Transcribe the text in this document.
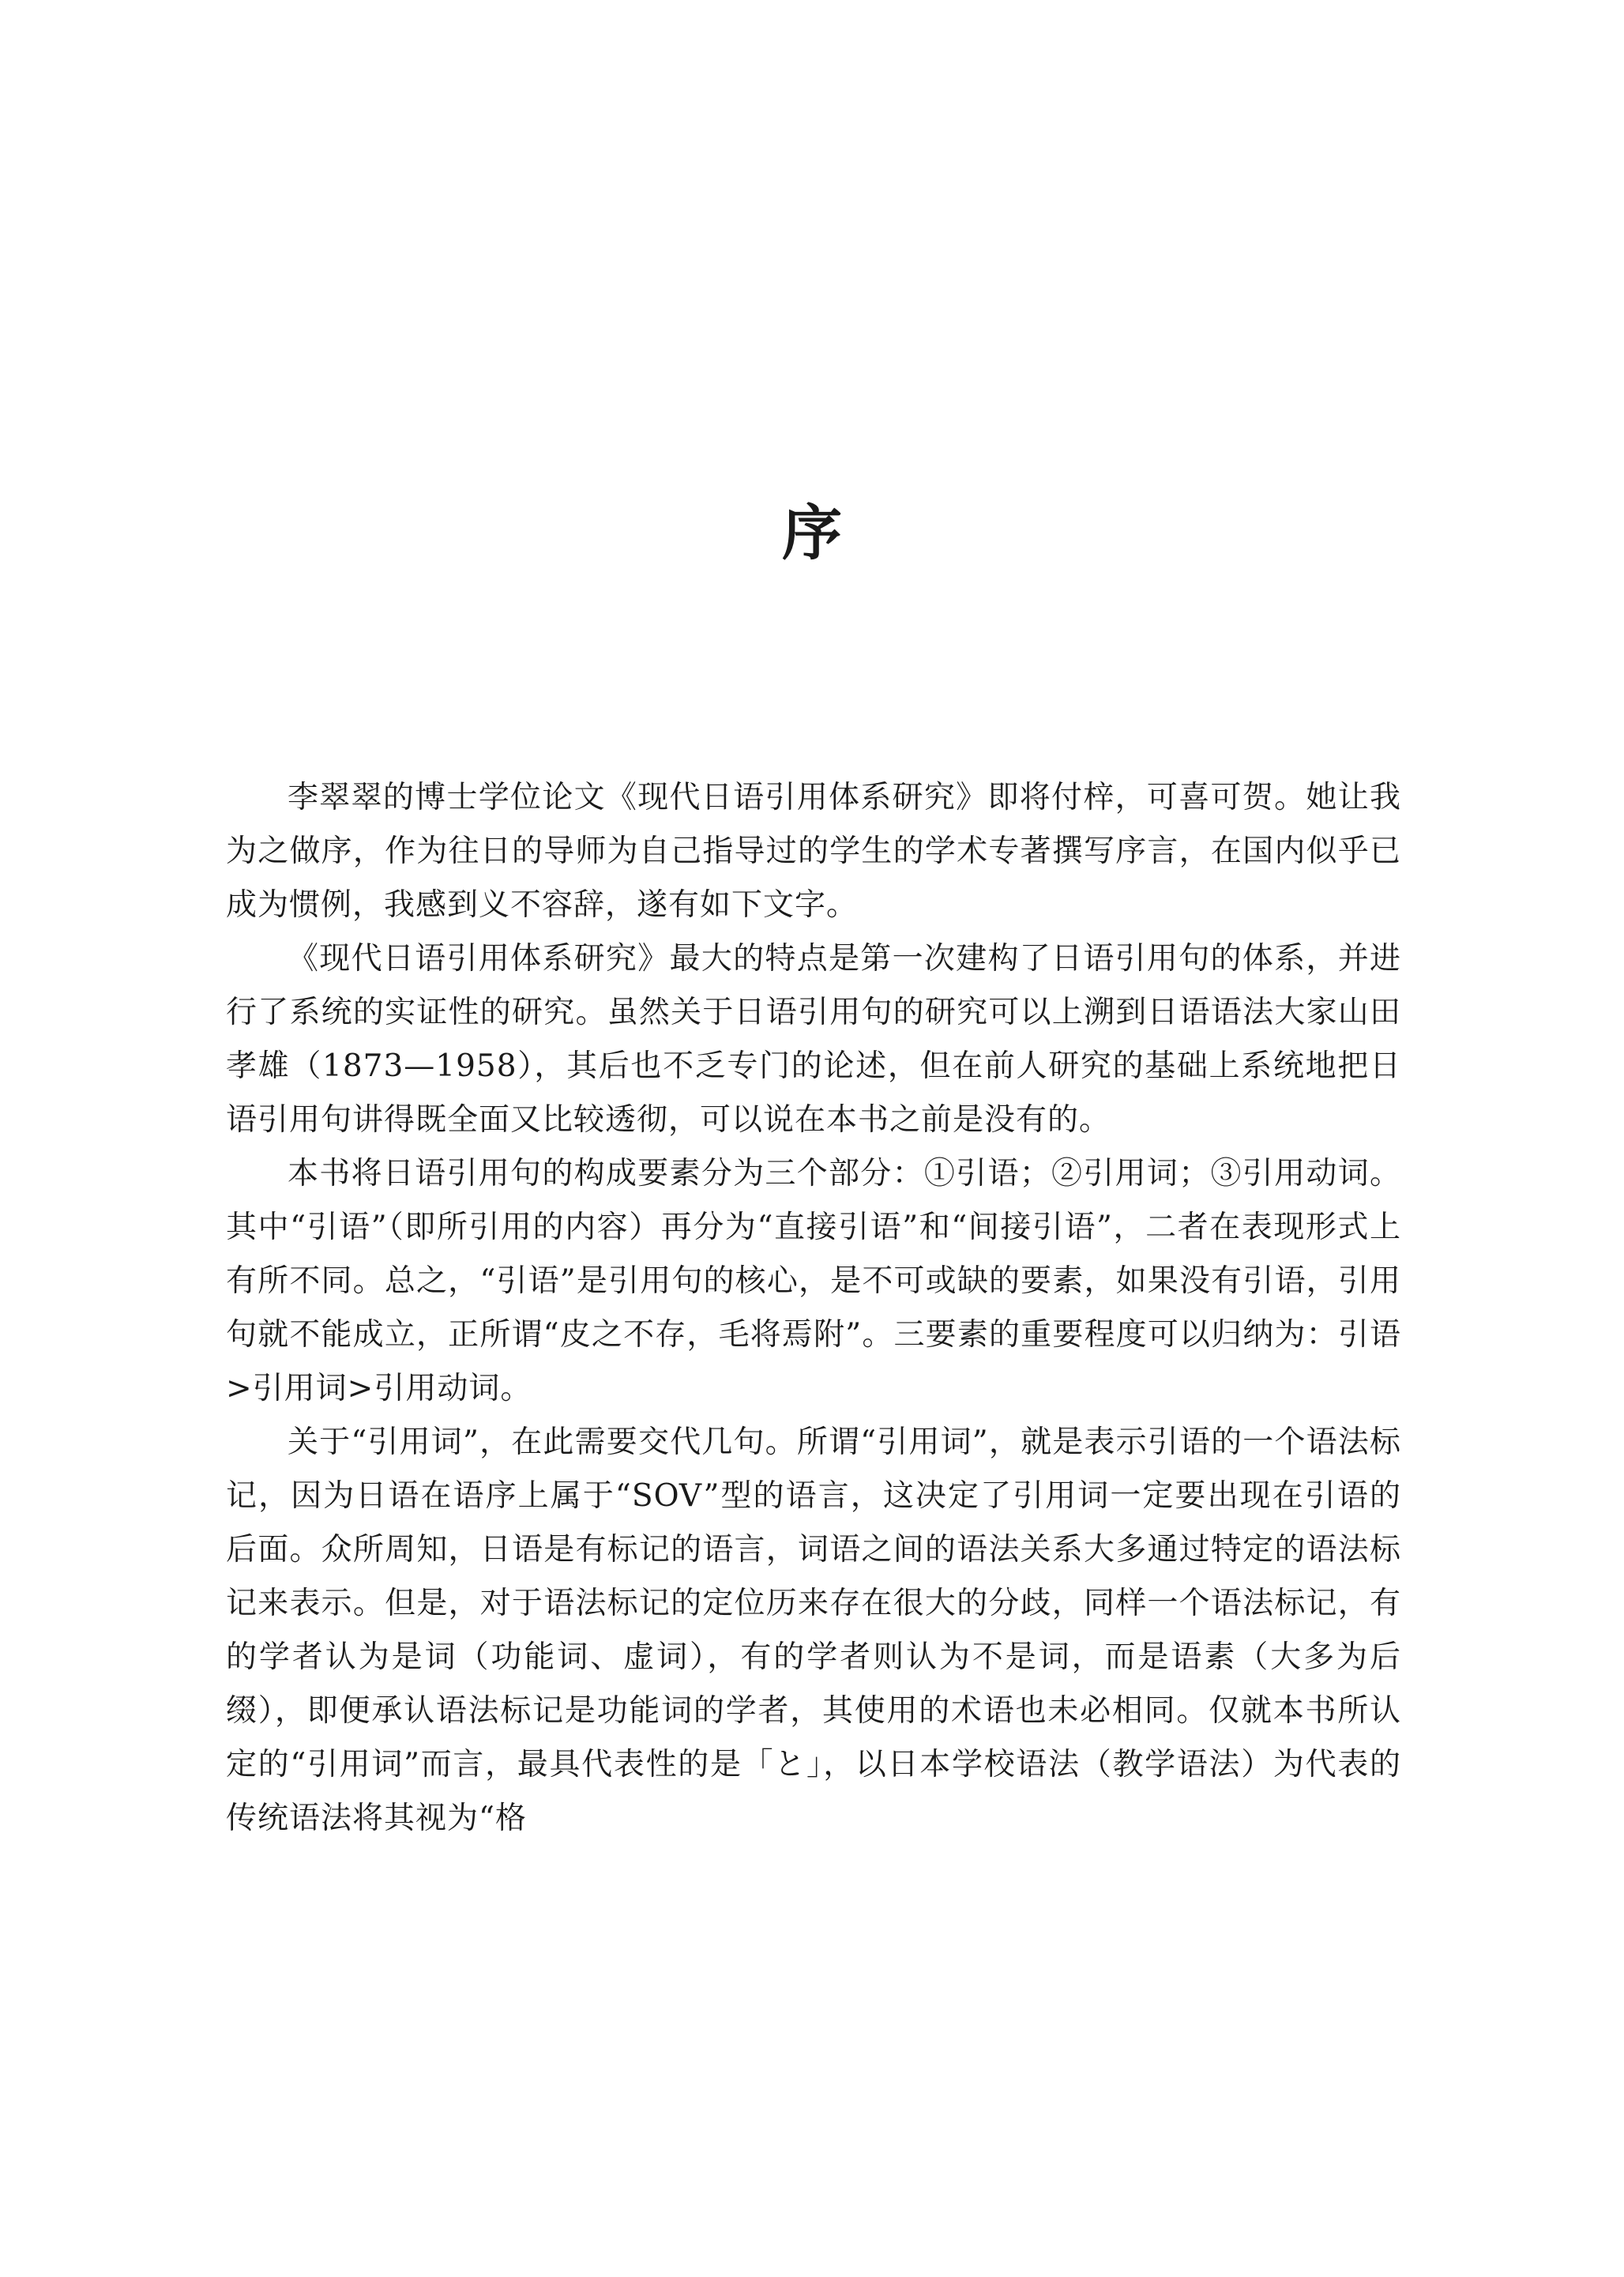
序

李翠翠的博士学位论文《现代日语引用体系研究》即将付梓，可喜可贺。她让我为之做序，作为往日的导师为自己指导过的学生的学术专著撰写序言，在国内似乎已成为惯例，我感到义不容辞，遂有如下文字。

《现代日语引用体系研究》最大的特点是第一次建构了日语引用句的体系，并进行了系统的实证性的研究。虽然关于日语引用句的研究可以上溯到日语语法大家山田孝雄（1873—1958），其后也不乏专门的论述，但在前人研究的基础上系统地把日语引用句讲得既全面又比较透彻，可以说在本书之前是没有的。

本书将日语引用句的构成要素分为三个部分：①引语；②引用词；③引用动词。其中“引语”（即所引用的内容）再分为“直接引语”和“间接引语”，二者在表现形式上有所不同。总之，“引语”是引用句的核心，是不可或缺的要素，如果没有引语，引用句就不能成立，正所谓“皮之不存，毛将焉附”。三要素的重要程度可以归纳为：引语>引用词>引用动词。

关于“引用词”，在此需要交代几句。所谓“引用词”，就是表示引语的一个语法标记，因为日语在语序上属于“SOV”型的语言，这决定了引用词一定要出现在引语的后面。众所周知，日语是有标记的语言，词语之间的语法关系大多通过特定的语法标记来表示。但是，对于语法标记的定位历来存在很大的分歧，同样一个语法标记，有的学者认为是词（功能词、虚词），有的学者则认为不是词，而是语素（大多为后缀），即便承认语法标记是功能词的学者，其使用的术语也未必相同。仅就本书所认定的“引用词”而言，最具代表性的是「と」，以日本学校语法（教学语法）为代表的传统语法将其视为“格
